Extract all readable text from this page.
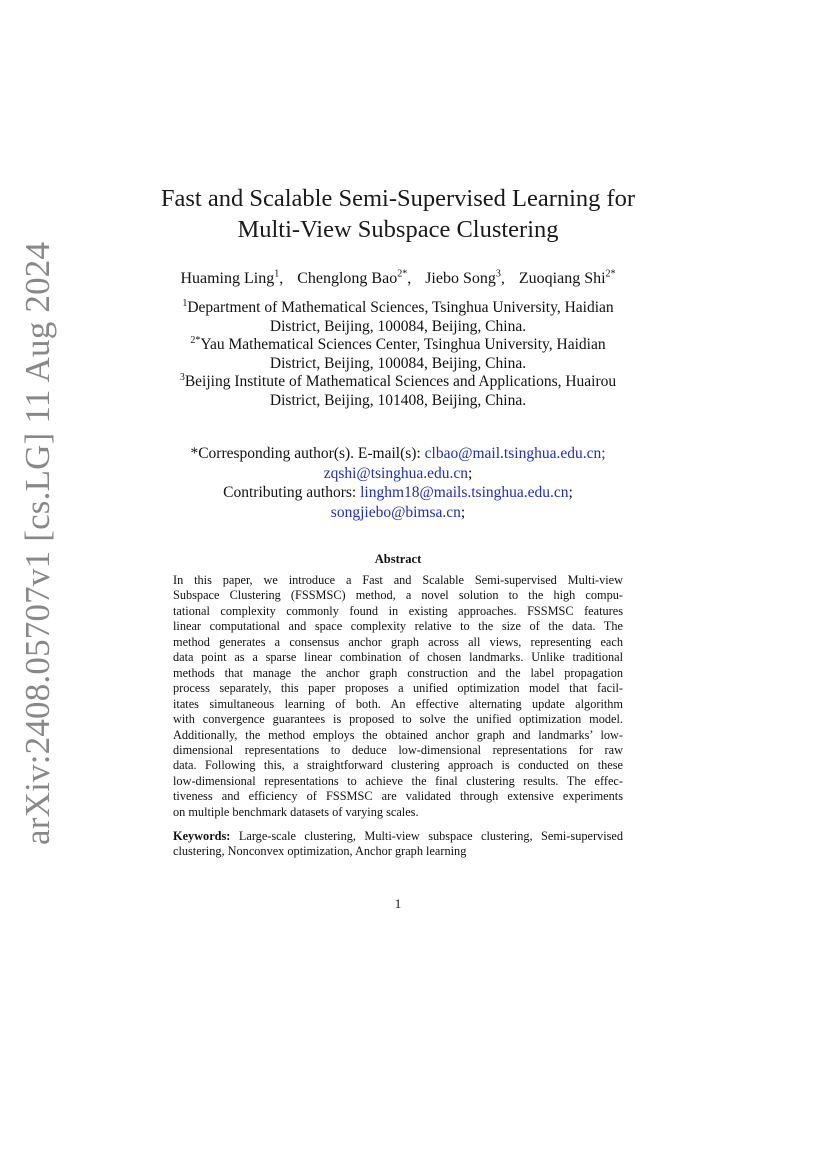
arXiv:2408.05707v1 [cs.LG] 11 Aug 2024
Fast and Scalable Semi-Supervised Learning for
Multi-View Subspace Clustering
Huaming Ling$^1$, Chenglong Bao$^{2*}$, Jiebo Song$^3$, Zuoqiang Shi$^{2*}$
$^1$Department of Mathematical Sciences, Tsinghua University, Haidian
District, Beijing, 100084, Beijing, China.
$^{2*}$Yau Mathematical Sciences Center, Tsinghua University, Haidian
District, Beijing, 100084, Beijing, China.
$^3$Beijing Institute of Mathematical Sciences and Applications, Huairou
District, Beijing, 101408, Beijing, China.
*Corresponding author(s). E-mail(s): clbao@mail.tsinghua.edu.cn;
zqshi@tsinghua.edu.cn;
Contributing authors: linghm18@mails.tsinghua.edu.cn;
songjiebo@bimsa.cn;
Abstract
In this paper, we introduce a Fast and Scalable Semi-supervised Multi-view
Subspace Clustering (FSSMSC) method, a novel solution to the high compu-
tational complexity commonly found in existing approaches. FSSMSC features
linear computational and space complexity relative to the size of the data. The
method generates a consensus anchor graph across all views, representing each
data point as a sparse linear combination of chosen landmarks. Unlike traditional
methods that manage the anchor graph construction and the label propagation
process separately, this paper proposes a unified optimization model that facil-
itates simultaneous learning of both. An effective alternating update algorithm
with convergence guarantees is proposed to solve the unified optimization model.
Additionally, the method employs the obtained anchor graph and landmarks’ low-
dimensional representations to deduce low-dimensional representations for raw
data. Following this, a straightforward clustering approach is conducted on these
low-dimensional representations to achieve the final clustering results. The effec-
tiveness and efficiency of FSSMSC are validated through extensive experiments
on multiple benchmark datasets of varying scales.
Keywords: Large-scale clustering, Multi-view subspace clustering, Semi-supervised
clustering, Nonconvex optimization, Anchor graph learning
1
